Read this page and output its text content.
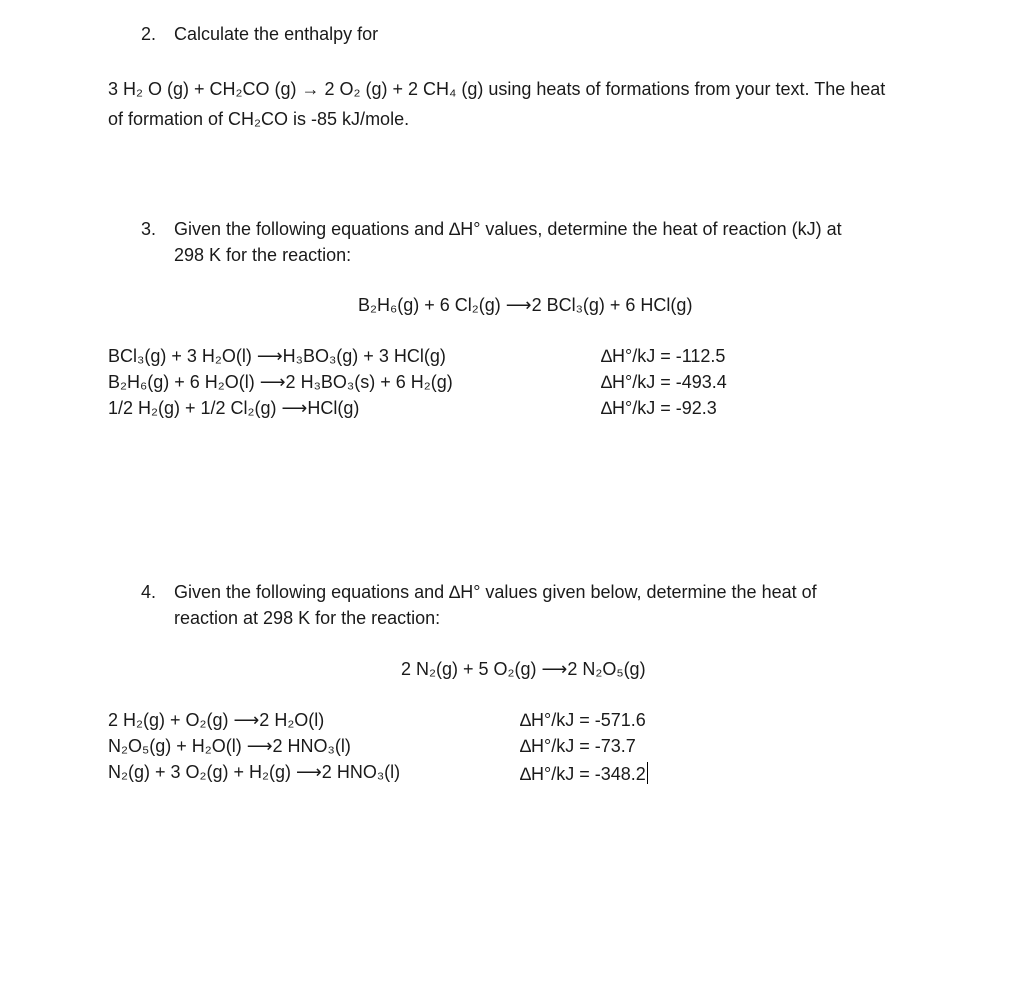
2. Calculate the enthalpy for
3 H₂ O (g) + CH₂CO (g) → 2 O₂ (g) + 2 CH₄ (g) using heats of formations from your text. The heat
of formation of CH₂CO is -85 kJ/mole.
3. Given the following equations and ∆H° values, determine the heat of reaction (kJ) at
298 K for the reaction:
B₂H₆(g) + 6 Cl₂(g) ⟶2 BCl₃(g) + 6 HCl(g)
BCl₃(g) + 3 H₂O(l) ⟶H₃BO₃(g) + 3 HCl(g)	∆H°/kJ = -112.5
B₂H₆(g) + 6 H₂O(l) ⟶2 H₃BO₃(s) + 6 H₂(g)	∆H°/kJ = -493.4
1/2 H₂(g) + 1/2 Cl₂(g) ⟶HCl(g)	∆H°/kJ = -92.3
4. Given the following equations and ∆H° values given below, determine the heat of
reaction at 298 K for the reaction:
2 N₂(g) + 5 O₂(g) ⟶2 N₂O₅(g)
2 H₂(g) + O₂(g) ⟶2 H₂O(l)	∆H°/kJ = -571.6
N₂O₅(g) + H₂O(l) ⟶2 HNO₃(l)	∆H°/kJ = -73.7
N₂(g) + 3 O₂(g) + H₂(g) ⟶2 HNO₃(l)	∆H°/kJ = -348.2
